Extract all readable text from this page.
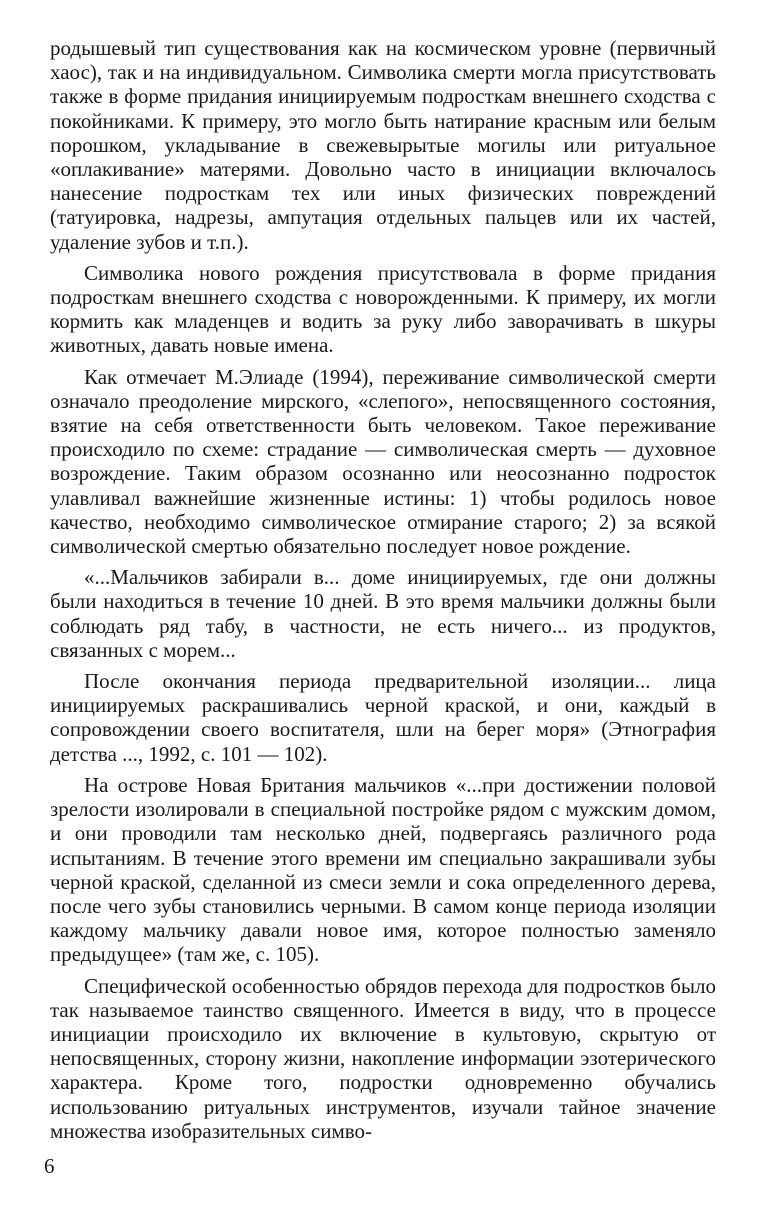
родышевый тип существования как на космическом уровне (первичный хаос), так и на индивидуальном. Символика смерти могла присутствовать также в форме придания инициируемым подросткам внешнего сходства с покойниками. К примеру, это могло быть натирание красным или белым порошком, укладывание в свежевырытые могилы или ритуальное «оплакивание» матерями. Довольно часто в инициации включалось нанесение подросткам тех или иных физических повреждений (татуировка, надрезы, ампутация отдельных пальцев или их частей, удаление зубов и т.п.).

Символика нового рождения присутствовала в форме придания подросткам внешнего сходства с новорожденными. К примеру, их могли кормить как младенцев и водить за руку либо заворачивать в шкуры животных, давать новые имена.

Как отмечает М.Элиаде (1994), переживание символической смерти означало преодоление мирского, «слепого», непосвященного состояния, взятие на себя ответственности быть человеком. Такое переживание происходило по схеме: страдание — символическая смерть — духовное возрождение. Таким образом осознанно или неосознанно подросток улавливал важнейшие жизненные истины: 1) чтобы родилось новое качество, необходимо символическое отмирание старого; 2) за всякой символической смертью обязательно последует новое рождение.

«...Мальчиков забирали в... доме инициируемых, где они должны были находиться в течение 10 дней. В это время мальчики должны были соблюдать ряд табу, в частности, не есть ничего... из продуктов, связанных с морем...

После окончания периода предварительной изоляции... лица инициируемых раскрашивались черной краской, и они, каждый в сопровождении своего воспитателя, шли на берег моря» (Этнография детства ..., 1992, с. 101 — 102).

На острове Новая Британия мальчиков «...при достижении половой зрелости изолировали в специальной постройке рядом с мужским домом, и они проводили там несколько дней, подвергаясь различного рода испытаниям. В течение этого времени им специально закрашивали зубы черной краской, сделанной из смеси земли и сока определенного дерева, после чего зубы становились черными. В самом конце периода изоляции каждому мальчику давали новое имя, которое полностью заменяло предыдущее» (там же, с. 105).

Специфической особенностью обрядов перехода для подростков было так называемое таинство священного. Имеется в виду, что в процессе инициации происходило их включение в культовую, скрытую от непосвященных, сторону жизни, накопление информации эзотерического характера. Кроме того, подростки одновременно обучались использованию ритуальных инструментов, изучали тайное значение множества изобразительных симво-

6
